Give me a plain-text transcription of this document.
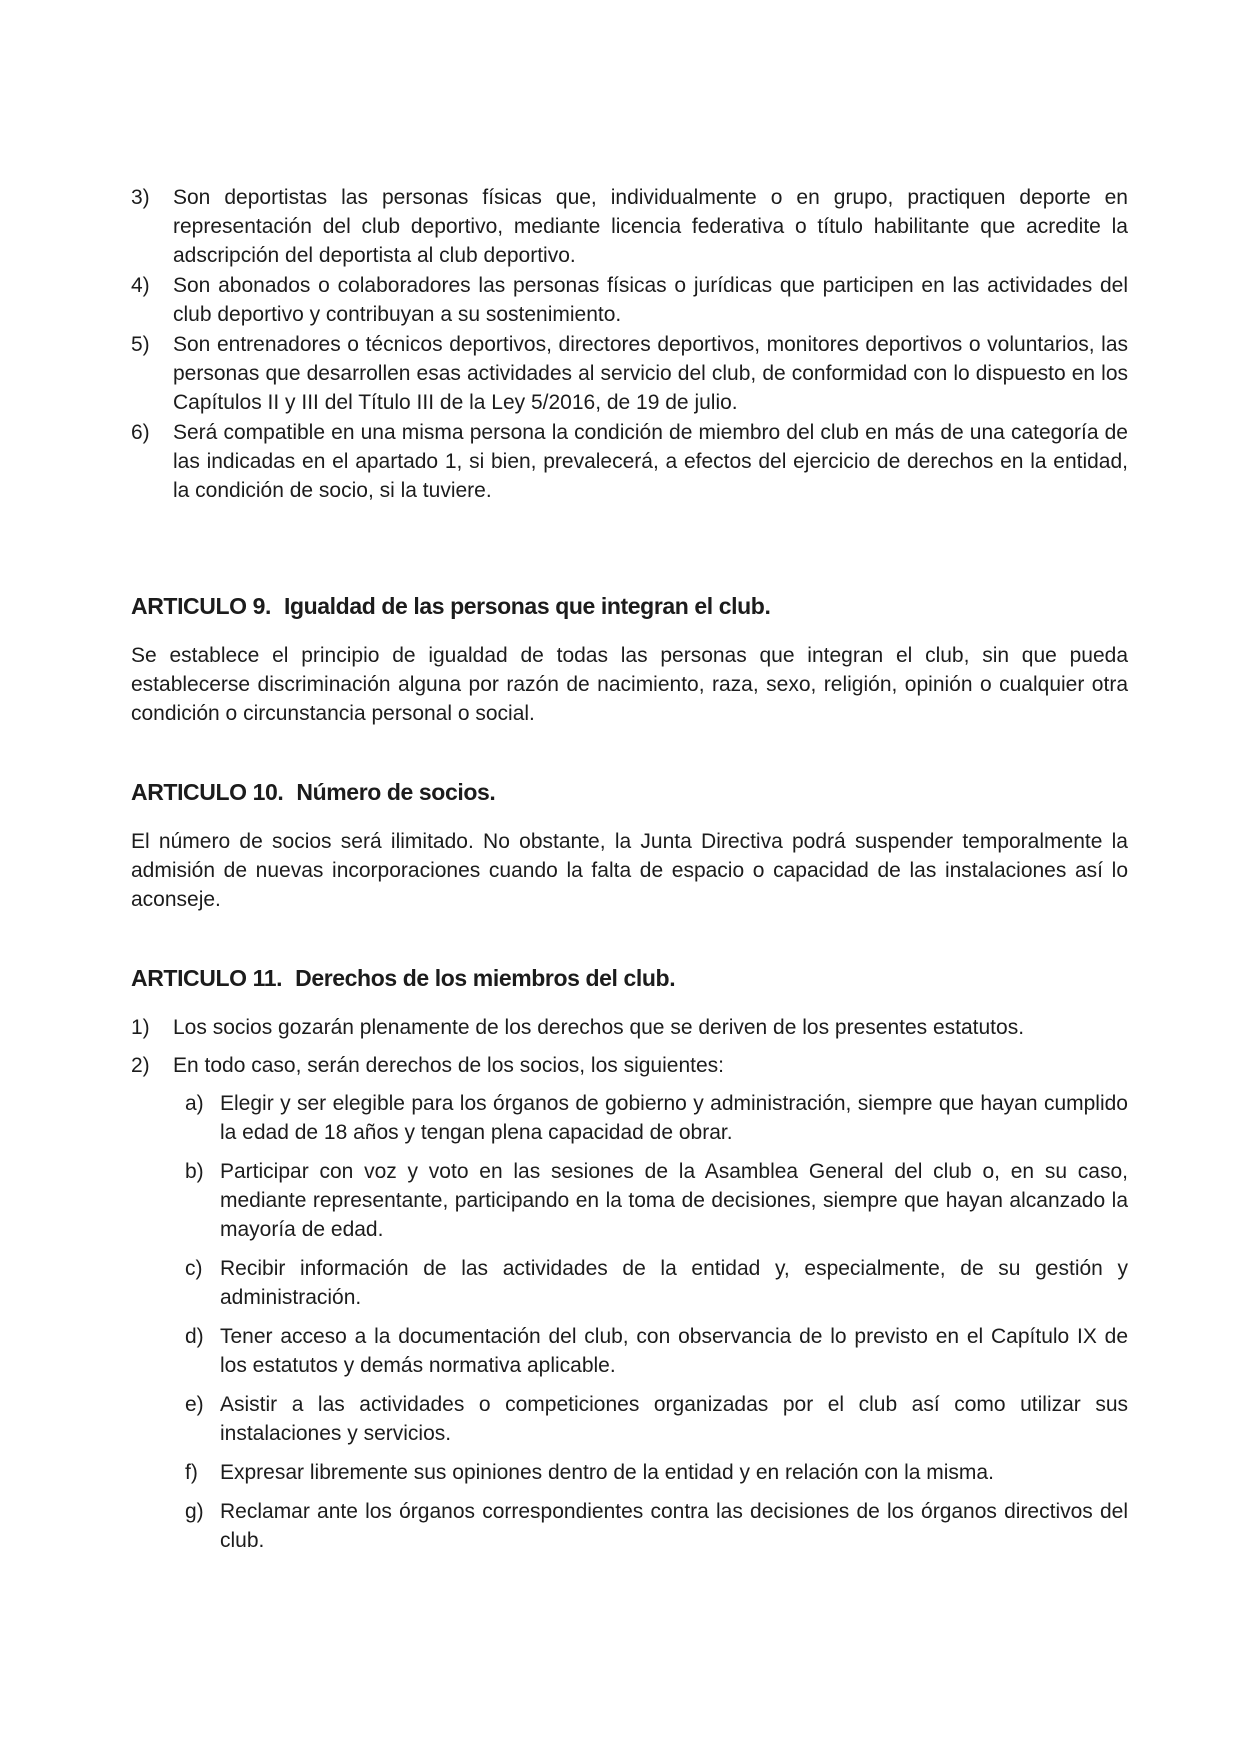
3)	Son deportistas las personas físicas que, individualmente o en grupo, practiquen deporte en representación del club deportivo, mediante licencia federativa o título habilitante que acredite la adscripción del deportista al club deportivo.
4)	Son abonados o colaboradores las personas físicas o jurídicas que participen en las actividades del club deportivo y contribuyan a su sostenimiento.
5)	Son entrenadores o técnicos deportivos, directores deportivos, monitores deportivos o voluntarios, las personas que desarrollen esas actividades al servicio del club, de conformidad con lo dispuesto en los Capítulos II y III del Título III de la Ley 5/2016, de 19 de julio.
6)	Será compatible en una misma persona la condición de miembro del club en más de una categoría de las indicadas en el apartado 1, si bien, prevalecerá, a efectos del ejercicio de derechos en la entidad, la condición de socio, si la tuviere.
ARTICULO 9. Igualdad de las personas que integran el club.

Se establece el principio de igualdad de todas las personas que integran el club, sin que pueda establecerse discriminación alguna por razón de nacimiento, raza, sexo, religión, opinión o cualquier otra condición o circunstancia personal o social.

ARTICULO 10. Número de socios.

El número de socios será ilimitado. No obstante, la Junta Directiva podrá suspender temporalmente la admisión de nuevas incorporaciones cuando la falta de espacio o capacidad de las instalaciones así lo aconseje.

ARTICULO 11. Derechos de los miembros del club.
1)	Los socios gozarán plenamente de los derechos que se deriven de los presentes estatutos.
2)	En todo caso, serán derechos de los socios, los siguientes:
a) Elegir y ser elegible para los órganos de gobierno y administración, siempre que hayan cumplido la edad de 18 años y tengan plena capacidad de obrar.
b) Participar con voz y voto en las sesiones de la Asamblea General del club o, en su caso, mediante representante, participando en la toma de decisiones, siempre que hayan alcanzado la mayoría de edad.
c) Recibir información de las actividades de la entidad y, especialmente, de su gestión y administración.
d) Tener acceso a la documentación del club, con observancia de lo previsto en el Capítulo IX de los estatutos y demás normativa aplicable.
e) Asistir a las actividades o competiciones organizadas por el club así como utilizar sus instalaciones y servicios.
f)	Expresar libremente sus opiniones dentro de la entidad y en relación con la misma.
g) Reclamar ante los órganos correspondientes contra las decisiones de los órganos directivos del club.
